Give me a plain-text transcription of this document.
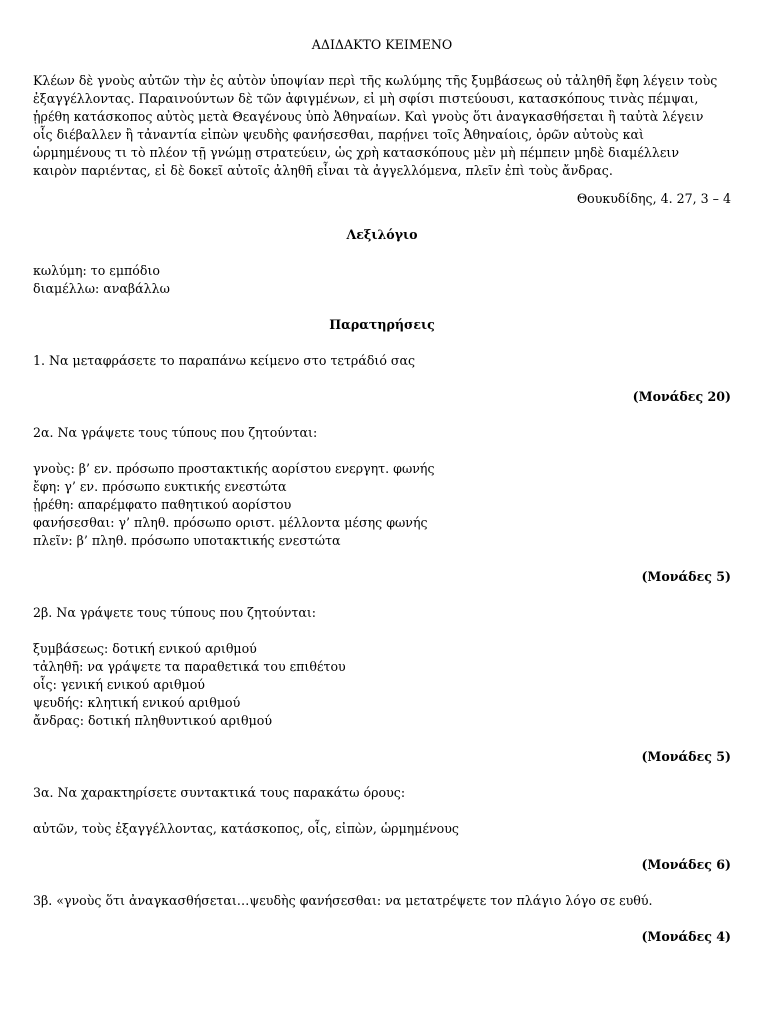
ΑΔΙΔΑΚΤΟ ΚΕΙΜΕΝΟ
Κλέων δὲ γνοὺς αὐτῶν τὴν ἐς αὐτὸν ὑποψίαν περὶ τῆς κωλύμης τῆς ξυμβάσεως οὐ τἀληθῆ ἔφη λέγειν τοὺς
ἐξαγγέλλοντας. Παραινούντων δὲ τῶν ἀφιγμένων, εἰ μὴ σφίσι πιστεύουσι, κατασκόπους τινὰς πέμψαι,
ᾑρέθη κατάσκοπος αὐτὸς μετὰ Θεαγένους ὑπὸ Ἀθηναίων. Καὶ γνοὺς ὅτι ἀναγκασθήσεται ἢ ταὐτὰ λέγειν
οἷς διέβαλλεν ἢ τἀναντία εἰπὼν ψευδὴς φανήσεσθαι, παρῄνει τοῖς Ἀθηναίοις, ὁρῶν αὐτοὺς καὶ
ὡρμημένους τι τὸ πλέον τῇ γνώμῃ στρατεύειν, ὡς χρὴ κατασκόπους μὲν μὴ πέμπειν μηδὲ διαμέλλειν
καιρὸν παριέντας, εἰ δὲ δοκεῖ αὐτοῖς ἀληθῆ εἶναι τὰ ἀγγελλόμενα, πλεῖν ἐπὶ τοὺς ἄνδρας.
Θουκυδίδης, 4. 27, 3 – 4
Λεξιλόγιο
κωλύμη: το εμπόδιο
διαμέλλω: αναβάλλω
Παρατηρήσεις
1. Να μεταφράσετε το παραπάνω κείμενο στο τετράδιό σας
(Μονάδες 20)
2α. Να γράψετε τους τύπους που ζητούνται:
γνοὺς: β’ εν. πρόσωπο προστακτικής αορίστου ενεργητ. φωνής
ἔφη: γ’ εν. πρόσωπο ευκτικής ενεστώτα
ᾑρέθη: απαρέμφατο παθητικού αορίστου
φανήσεσθαι: γ’ πληθ. πρόσωπο οριστ. μέλλοντα μέσης φωνής
πλεῖν: β’ πληθ. πρόσωπο υποτακτικής ενεστώτα
(Μονάδες 5)
2β. Να γράψετε τους τύπους που ζητούνται:
ξυμβάσεως: δοτική ενικού αριθμού
τἀληθῆ: να γράψετε τα παραθετικά του επιθέτου
οἷς: γενική ενικού αριθμού
ψευδής: κλητική ενικού αριθμού
ἄνδρας: δοτική πληθυντικού αριθμού
(Μονάδες 5)
3α. Να χαρακτηρίσετε συντακτικά τους παρακάτω όρους:
αὐτῶν, τοὺς ἐξαγγέλλοντας, κατάσκοπος, οἷς, εἰπὼν, ὡρμημένους
(Μονάδες 6)
3β. «γνοὺς ὅτι ἀναγκασθήσεται…ψευδὴς φανήσεσθαι: να μετατρέψετε τον πλάγιο λόγο σε ευθύ.
(Μονάδες 4)
